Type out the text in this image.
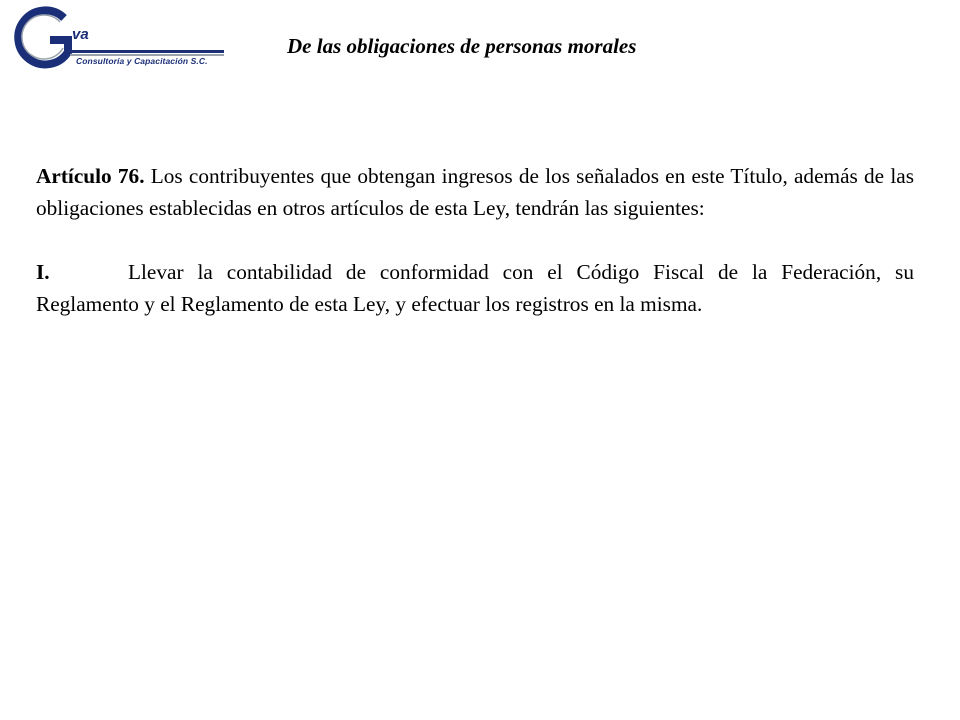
va
Consultoría y Capacitación S.C.
De las obligaciones de personas morales

Artículo 76. Los contribuyentes que obtengan ingresos de los señalados en este Título, además de las obligaciones establecidas en otros artículos de esta Ley, tendrán las siguientes:

I.	Llevar la contabilidad de conformidad con el Código Fiscal de la Federación, su Reglamento y el Reglamento de esta Ley, y efectuar los registros en la misma.
